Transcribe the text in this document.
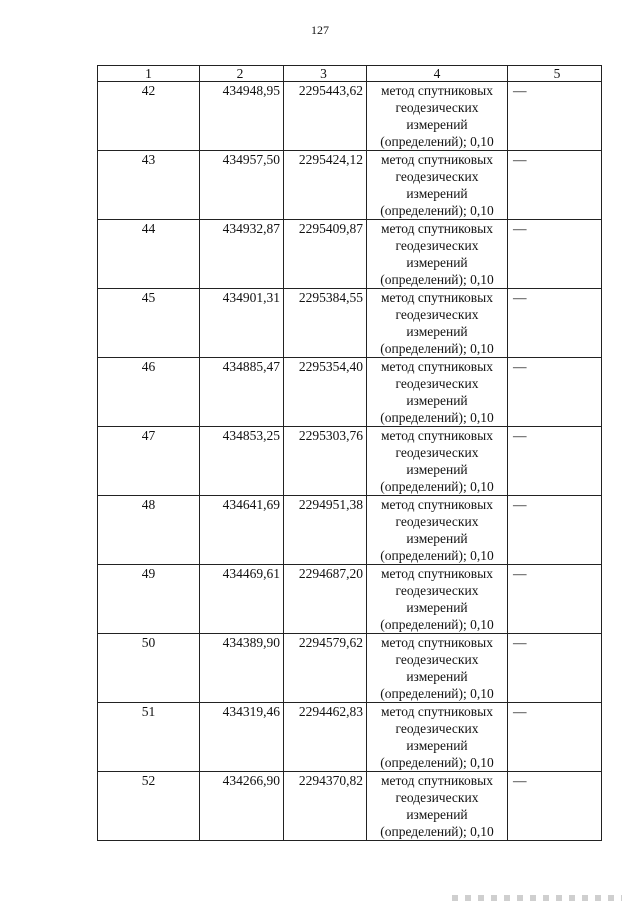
127
1	2	3	4	5
42	434948,95	2295443,62	метод спутниковых
геодезических
измерений
(определений); 0,10	—
43	434957,50	2295424,12	метод спутниковых
геодезических
измерений
(определений); 0,10	—
44	434932,87	2295409,87	метод спутниковых
геодезических
измерений
(определений); 0,10	—
45	434901,31	2295384,55	метод спутниковых
геодезических
измерений
(определений); 0,10	—
46	434885,47	2295354,40	метод спутниковых
геодезических
измерений
(определений); 0,10	—
47	434853,25	2295303,76	метод спутниковых
геодезических
измерений
(определений); 0,10	—
48	434641,69	2294951,38	метод спутниковых
геодезических
измерений
(определений); 0,10	—
49	434469,61	2294687,20	метод спутниковых
геодезических
измерений
(определений); 0,10	—
50	434389,90	2294579,62	метод спутниковых
геодезических
измерений
(определений); 0,10	—
51	434319,46	2294462,83	метод спутниковых
геодезических
измерений
(определений); 0,10	—
52	434266,90	2294370,82	метод спутниковых
геодезических
измерений
(определений); 0,10	—
